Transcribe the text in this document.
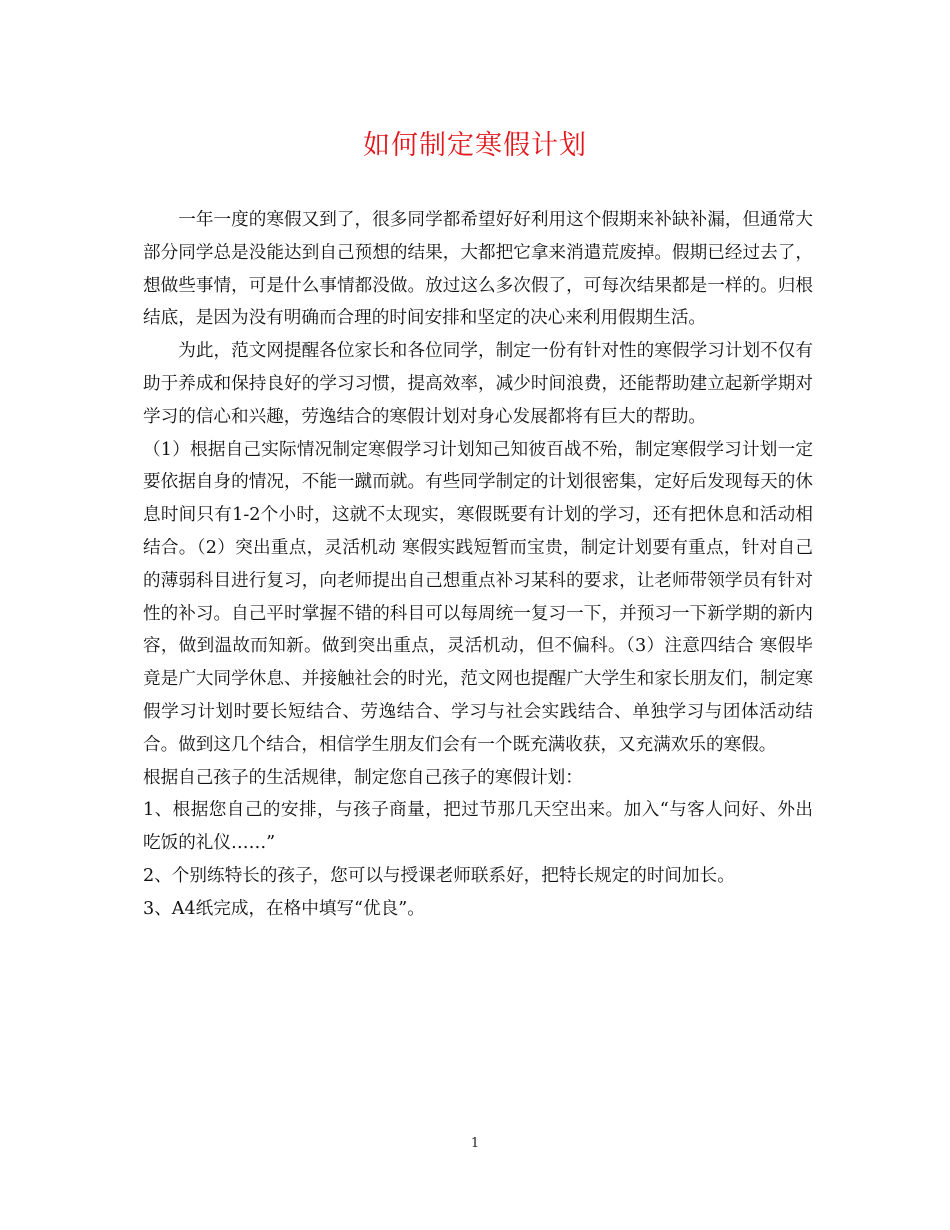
如何制定寒假计划

一年一度的寒假又到了，很多同学都希望好好利用这个假期来补缺补漏，但通常大部分同学总是没能达到自己预想的结果，大都把它拿来消遣荒废掉。假期已经过去了，想做些事情，可是什么事情都没做。放过这么多次假了，可每次结果都是一样的。归根结底，是因为没有明确而合理的时间安排和坚定的决心来利用假期生活。

为此，范文网提醒各位家长和各位同学，制定一份有针对性的寒假学习计划不仅有助于养成和保持良好的学习习惯，提高效率，减少时间浪费，还能帮助建立起新学期对学习的信心和兴趣，劳逸结合的寒假计划对身心发展都将有巨大的帮助。

（1）根据自己实际情况制定寒假学习计划知己知彼百战不殆，制定寒假学习计划一定要依据自身的情况，不能一蹴而就。有些同学制定的计划很密集，定好后发现每天的休息时间只有1-2个小时，这就不太现实，寒假既要有计划的学习，还有把休息和活动相结合。（2）突出重点，灵活机动 寒假实践短暂而宝贵，制定计划要有重点，针对自己的薄弱科目进行复习，向老师提出自己想重点补习某科的要求，让老师带领学员有针对性的补习。自己平时掌握不错的科目可以每周统一复习一下，并预习一下新学期的新内容，做到温故而知新。做到突出重点，灵活机动，但不偏科。（3）注意四结合 寒假毕竟是广大同学休息、并接触社会的时光，范文网也提醒广大学生和家长朋友们，制定寒假学习计划时要长短结合、劳逸结合、学习与社会实践结合、单独学习与团体活动结合。做到这几个结合，相信学生朋友们会有一个既充满收获，又充满欢乐的寒假。

根据自己孩子的生活规律，制定您自己孩子的寒假计划：

1、根据您自己的安排，与孩子商量，把过节那几天空出来。加入“与客人问好、外出吃饭的礼仪……”

2、个别练特长的孩子，您可以与授课老师联系好，把特长规定的时间加长。

3、A4纸完成，在格中填写“优良”。

1
